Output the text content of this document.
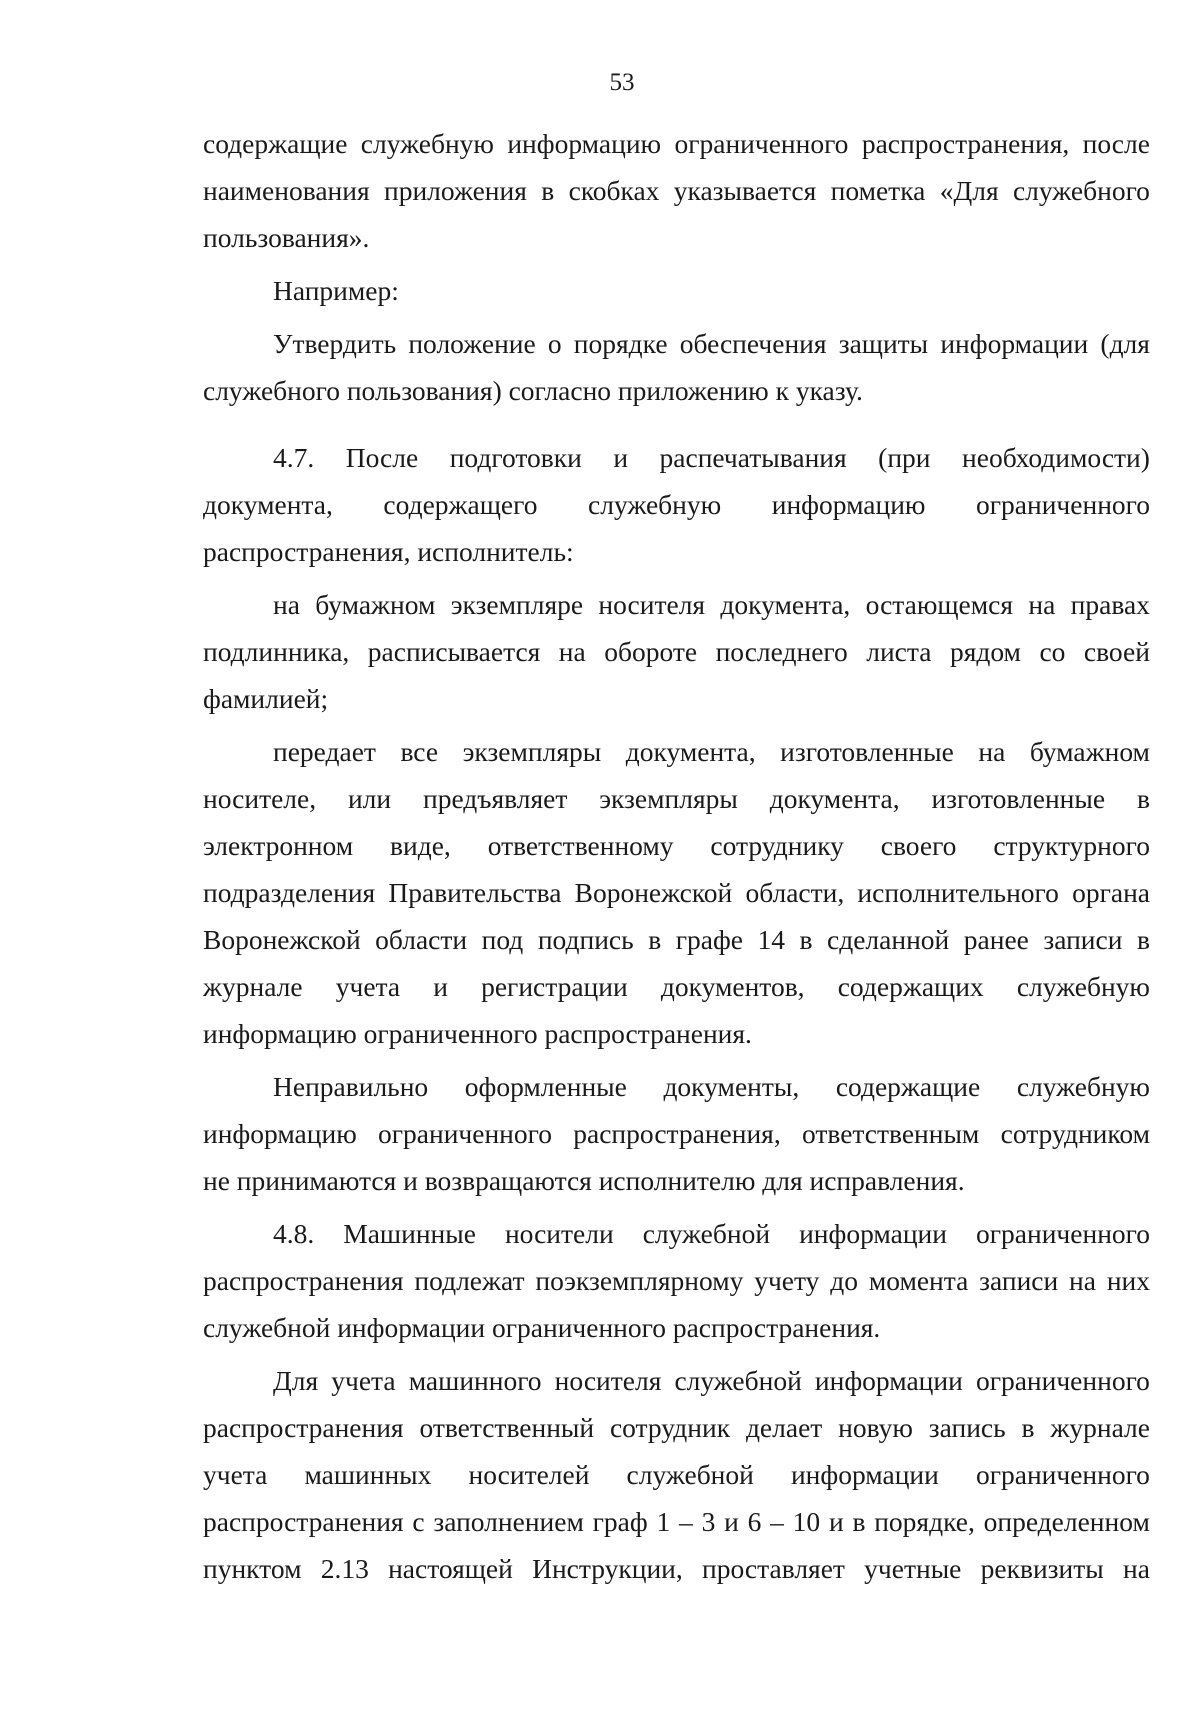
53
содержащие служебную информацию ограниченного распространения, после
наименования приложения в скобках указывается пометка «Для служебного
пользования».
Например:
Утвердить положение о порядке обеспечения защиты информации (для
служебного пользования) согласно приложению к указу.
4.7. После подготовки и распечатывания (при необходимости)
документа, содержащего служебную информацию ограниченного
распространения, исполнитель:
на бумажном экземпляре носителя документа, остающемся на правах
подлинника, расписывается на обороте последнего листа рядом со своей
фамилией;
передает все экземпляры документа, изготовленные на бумажном
носителе, или предъявляет экземпляры документа, изготовленные в
электронном виде, ответственному сотруднику своего структурного
подразделения Правительства Воронежской области, исполнительного органа
Воронежской области под подпись в графе 14 в сделанной ранее записи в
журнале учета и регистрации документов, содержащих служебную
информацию ограниченного распространения.
Неправильно оформленные документы, содержащие служебную
информацию ограниченного распространения, ответственным сотрудником
не принимаются и возвращаются исполнителю для исправления.
4.8. Машинные носители служебной информации ограниченного
распространения подлежат поэкземплярному учету до момента записи на них
служебной информации ограниченного распространения.
Для учета машинного носителя служебной информации ограниченного
распространения ответственный сотрудник делает новую запись в журнале
учета машинных носителей служебной информации ограниченного
распространения с заполнением граф 1 – 3 и 6 – 10 и в порядке, определенном
пунктом 2.13 настоящей Инструкции, проставляет учетные реквизиты на
